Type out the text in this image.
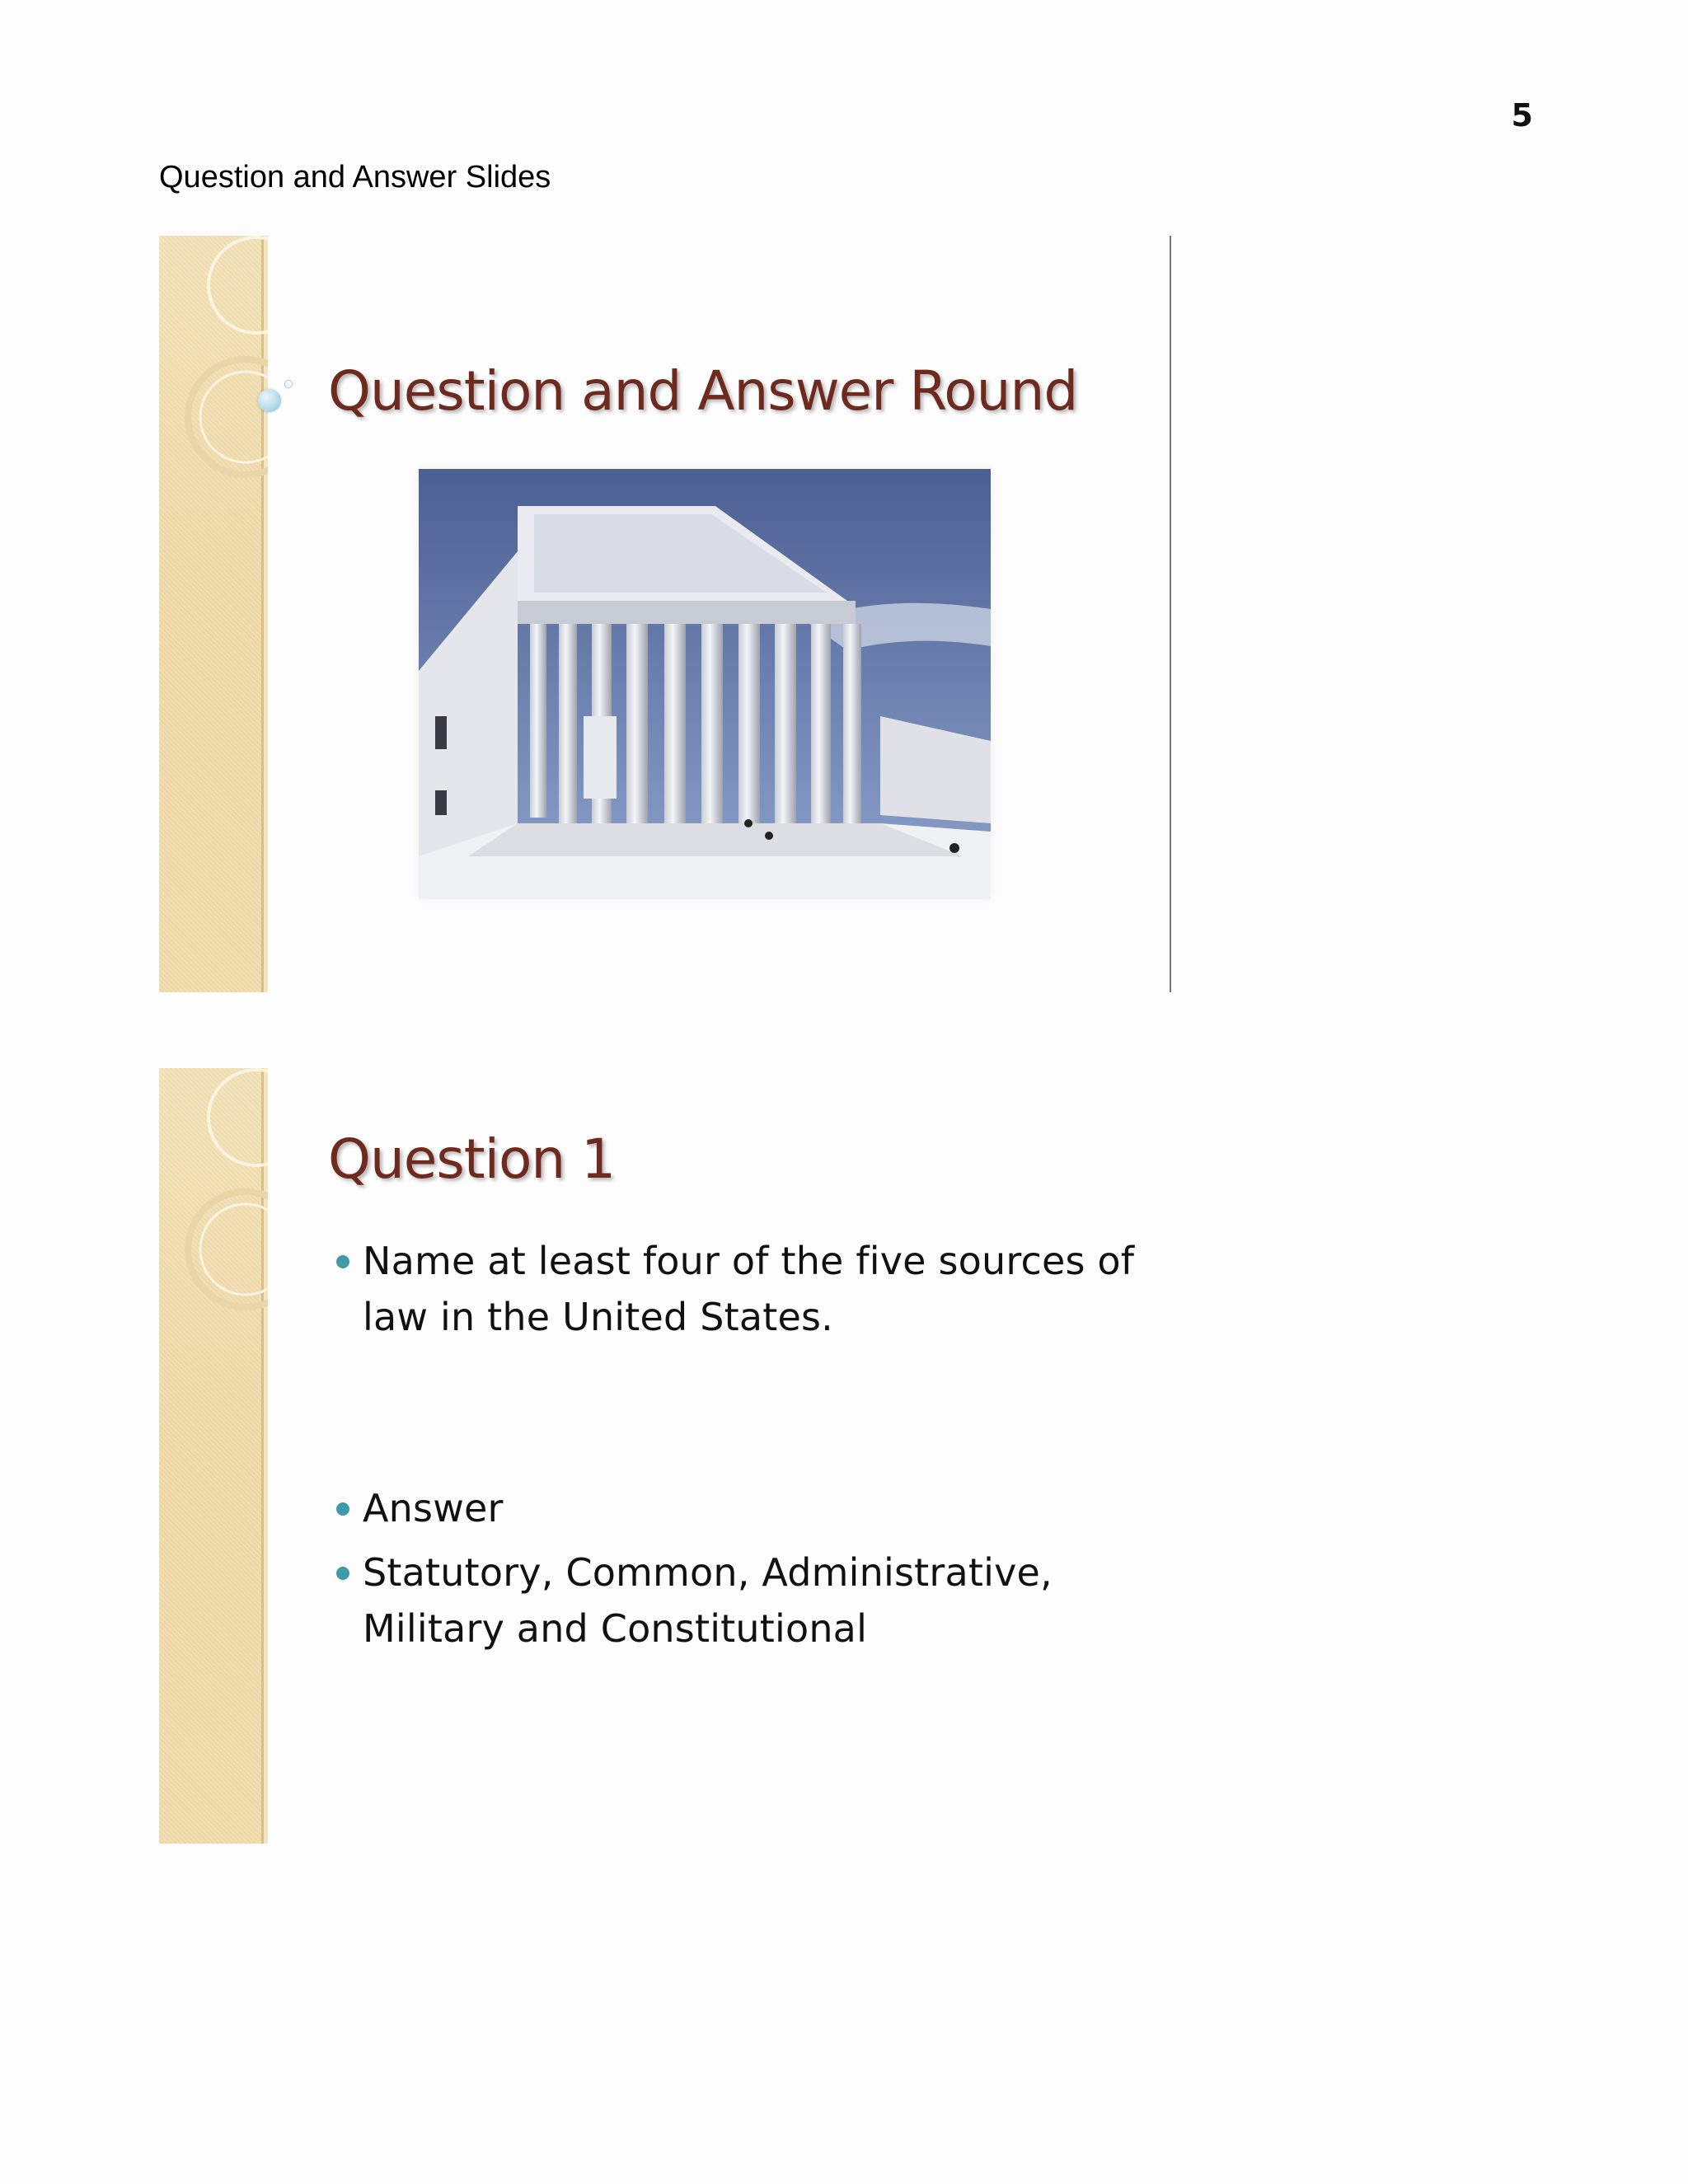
5
Question and Answer Slides
Question and Answer Round
Question 1
Name at least four of the five sources of law in the United States.
Answer
Statutory, Common, Administrative, Military and Constitutional
